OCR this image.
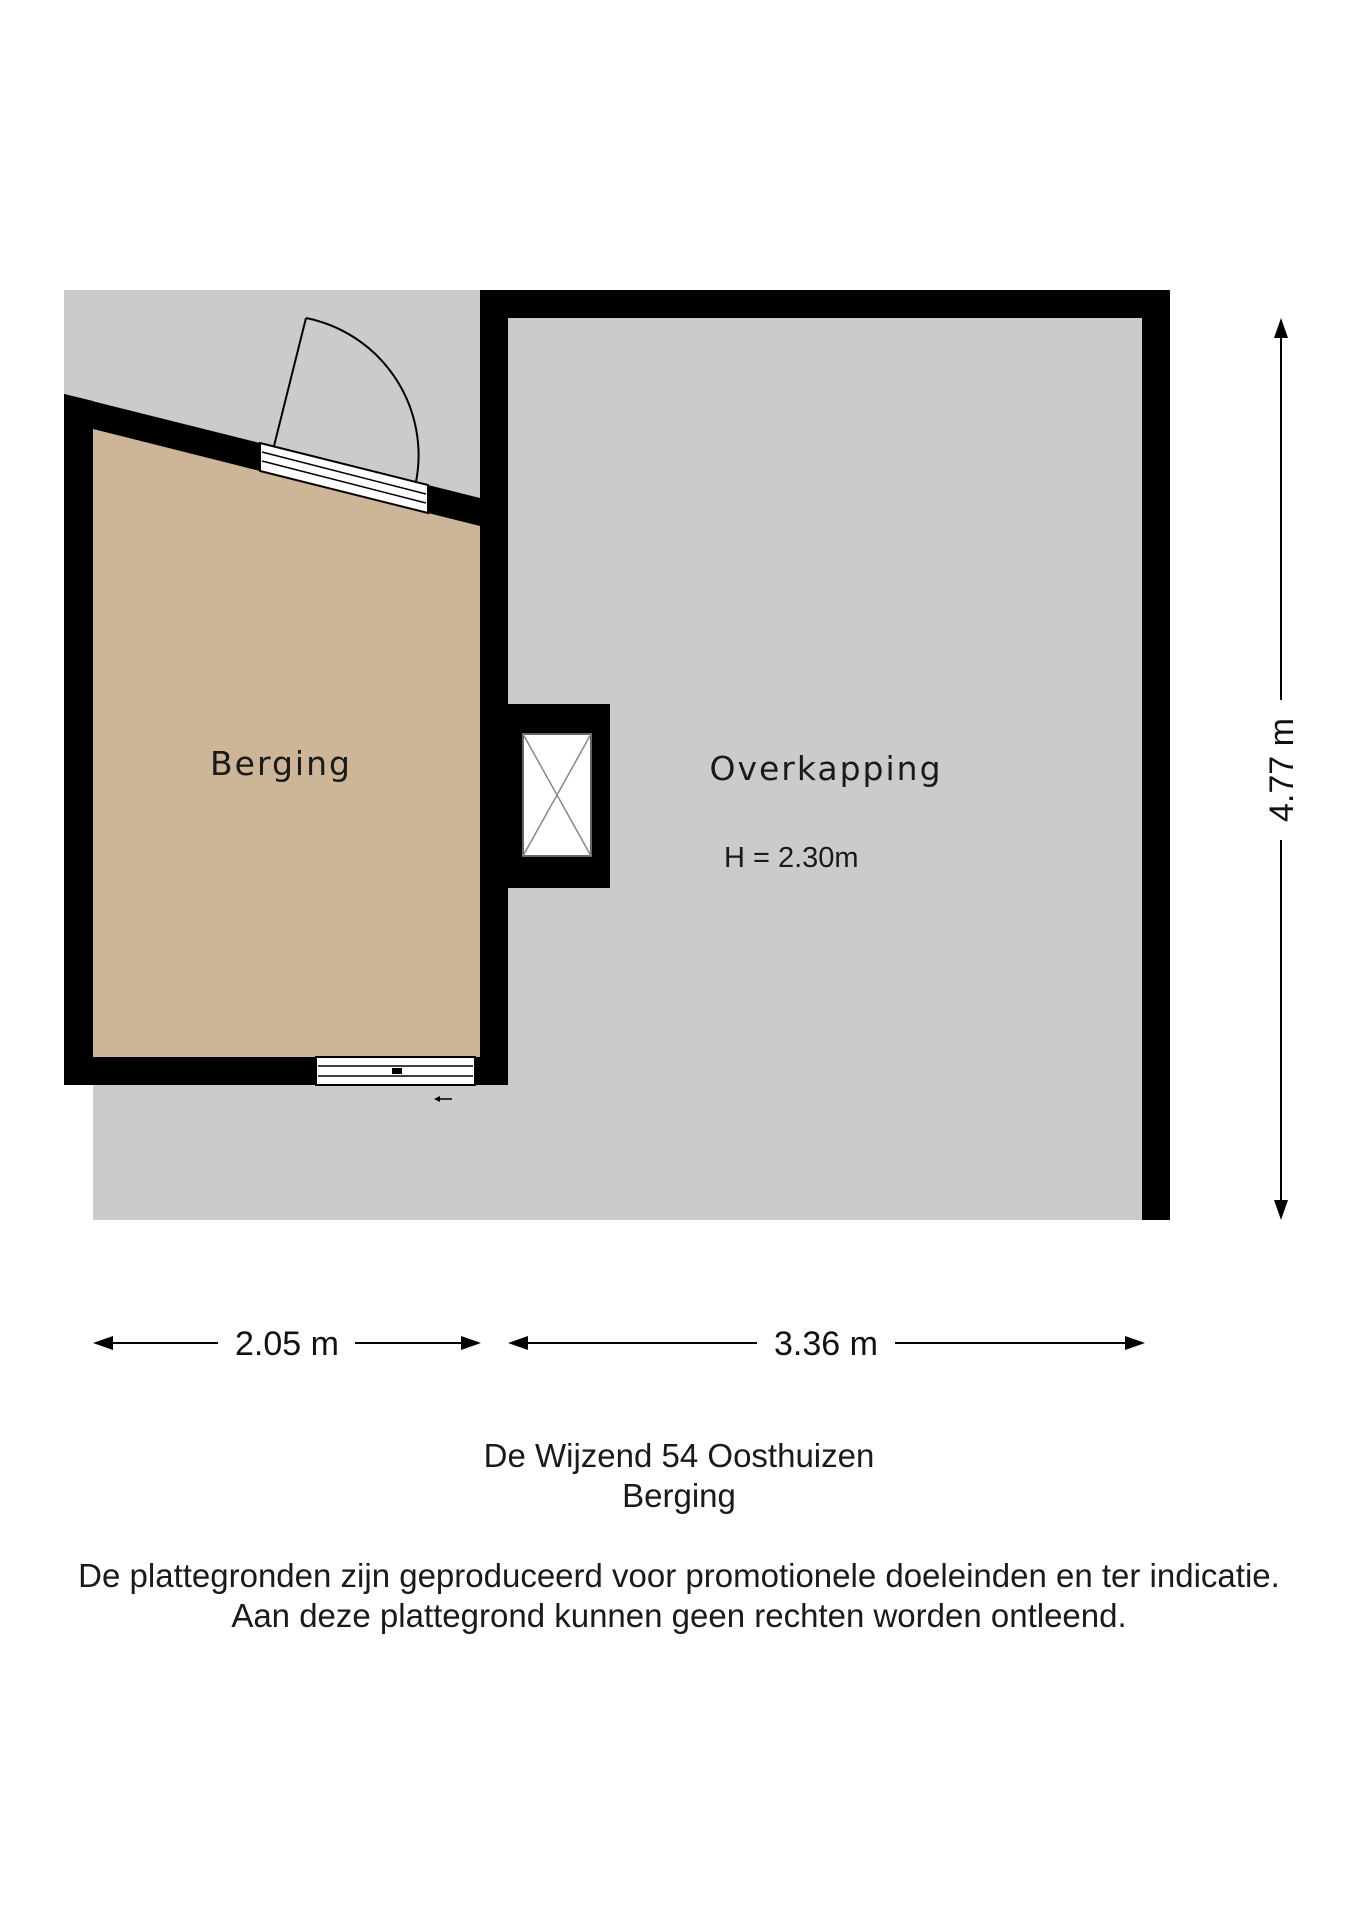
Berging	Overkapping
H = 2.30m
4.77 m
2.05 m	3.36 m
De Wijzend 54 Oosthuizen
Berging
De plattegronden zijn geproduceerd voor promotionele doeleinden en ter indicatie.
Aan deze plattegrond kunnen geen rechten worden ontleend.
